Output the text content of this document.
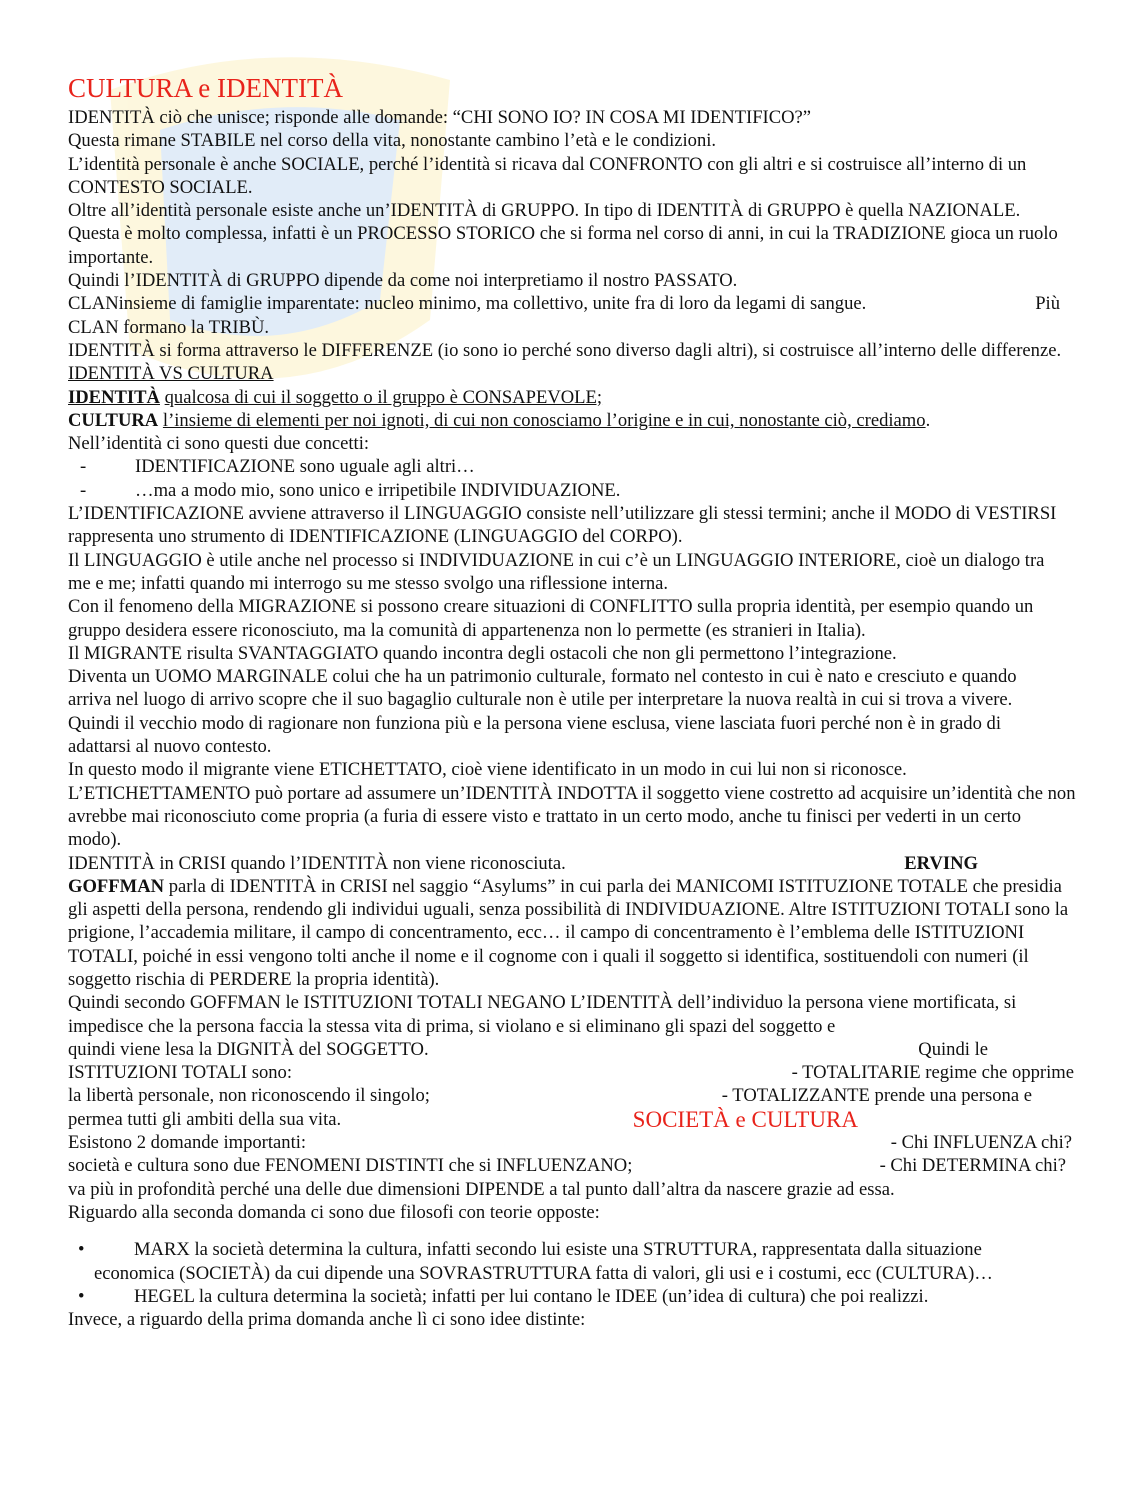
CULTURA e IDENTITÀ

IDENTITÀ ciò che unisce; risponde alle domande: “CHI SONO IO? IN COSA MI IDENTIFICO?”

Questa rimane STABILE nel corso della vita, nonostante cambino l’età e le condizioni.

L’identità personale è anche SOCIALE, perché l’identità si ricava dal CONFRONTO con gli altri e si costruisce all’interno di un CONTESTO SOCIALE.

Oltre all’identità personale esiste anche un’IDENTITÀ di GRUPPO. In tipo di IDENTITÀ di GRUPPO è quella NAZIONALE. Questa è molto complessa, infatti è un PROCESSO STORICO che si forma nel corso di anni, in cui la TRADIZIONE gioca un ruolo importante.

Quindi l’IDENTITÀ di GRUPPO dipende da come noi interpretiamo il nostro PASSATO.

CLANinsieme di famiglie imparentate: nucleo minimo, ma collettivo, unite fra di loro da legami di sangue.	Più

CLAN formano la TRIBÙ.

IDENTITÀ si forma attraverso le DIFFERENZE (io sono io perché sono diverso dagli altri), si costruisce all’interno delle differenze.

IDENTITÀ VS CULTURA

IDENTITÀ qualcosa di cui il soggetto o il gruppo è CONSAPEVOLE;

CULTURA l’insieme di elementi per noi ignoti, di cui non conosciamo l’origine e in cui, nonostante ciò, crediamo.

Nell’identità ci sono questi due concetti:

-	IDENTIFICAZIONE sono uguale agli altri…
-	…ma a modo mio, sono unico e irripetibile INDIVIDUAZIONE.

L’IDENTIFICAZIONE avviene attraverso il LINGUAGGIO consiste nell’utilizzare gli stessi termini; anche il MODO di VESTIRSI rappresenta uno strumento di IDENTIFICAZIONE (LINGUAGGIO del CORPO).

Il LINGUAGGIO è utile anche nel processo si INDIVIDUAZIONE in cui c’è un LINGUAGGIO INTERIORE, cioè un dialogo tra me e me; infatti quando mi interrogo su me stesso svolgo una riflessione interna.

Con il fenomeno della MIGRAZIONE si possono creare situazioni di CONFLITTO sulla propria identità, per esempio quando un gruppo desidera essere riconosciuto, ma la comunità di appartenenza non lo permette (es stranieri in Italia).

Il MIGRANTE risulta SVANTAGGIATO quando incontra degli ostacoli che non gli permettono l’integrazione.

Diventa un UOMO MARGINALE colui che ha un patrimonio culturale, formato nel contesto in cui è nato e cresciuto e quando arriva nel luogo di arrivo scopre che il suo bagaglio culturale non è utile per interpretare la nuova realtà in cui si trova a vivere. Quindi il vecchio modo di ragionare non funziona più e la persona viene esclusa, viene lasciata fuori perché non è in grado di adattarsi al nuovo contesto.

In questo modo il migrante viene ETICHETTATO, cioè viene identificato in un modo in cui lui non si riconosce.

L’ETICHETTAMENTO può portare ad assumere un’IDENTITÀ INDOTTA il soggetto viene costretto ad acquisire un’identità che non avrebbe mai riconosciuto come propria (a furia di essere visto e trattato in un certo modo, anche tu finisci per vederti in un certo modo).

IDENTITÀ in CRISI quando l’IDENTITÀ non viene riconosciuta.	ERVING

GOFFMAN parla di IDENTITÀ in CRISI nel saggio “Asylums” in cui parla dei MANICOMI ISTITUZIONE TOTALE che presidia gli aspetti della persona, rendendo gli individui uguali, senza possibilità di INDIVIDUAZIONE. Altre ISTITUZIONI TOTALI sono la prigione, l’accademia militare, il campo di concentramento, ecc… il campo di concentramento è l’emblema delle ISTITUZIONI TOTALI, poiché in essi vengono tolti anche il nome e il cognome con i quali il soggetto si identifica, sostituendoli con numeri (il soggetto rischia di PERDERE la propria identità).

Quindi secondo GOFFMAN le ISTITUZIONI TOTALI NEGANO L’IDENTITÀ dell’individuo la persona viene mortificata, si impedisce che la persona faccia la stessa vita di prima, si violano e si eliminano gli spazi del soggetto e

quindi viene lesa la DIGNITÀ del SOGGETTO.	Quindi le
ISTITUZIONI TOTALI sono:	- TOTALITARIE regime che opprime
la libertà personale, non riconoscendo il singolo;	- TOTALIZZANTE prende una persona e
permea tutti gli ambiti della sua vita.	SOCIETÀ e CULTURA
Esistono 2 domande importanti:	- Chi INFLUENZA chi?
società e cultura sono due FENOMENI DISTINTI che si INFLUENZANO;	- Chi DETERMINA chi?

va più in profondità perché una delle due dimensioni DIPENDE a tal punto dall’altra da nascere grazie ad essa.

Riguardo alla seconda domanda ci sono due filosofi con teorie opposte:

•	MARX la società determina la cultura, infatti secondo lui esiste una STRUTTURA, rappresentata dalla situazione economica (SOCIETÀ) da cui dipende una SOVRASTRUTTURA fatta di valori, gli usi e i costumi, ecc (CULTURA)…
•	HEGEL la cultura determina la società; infatti per lui contano le IDEE (un’idea di cultura) che poi realizzi.

Invece, a riguardo della prima domanda anche lì ci sono idee distinte:
